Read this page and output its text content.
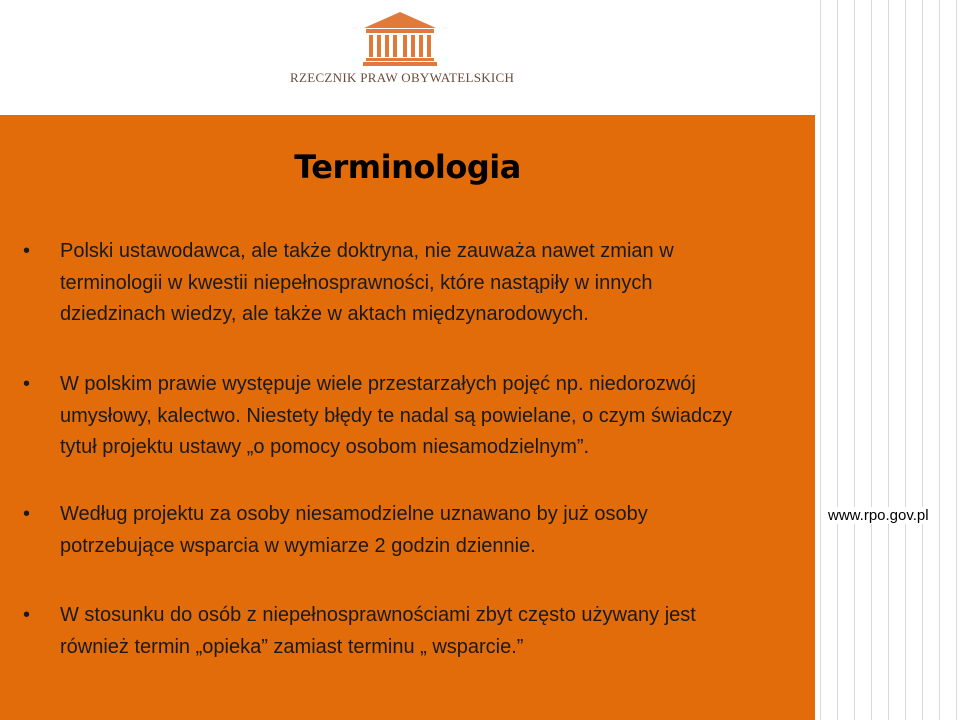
RZECZNIK PRAW OBYWATELSKICH
Terminologia
• Polski ustawodawca, ale także doktryna, nie zauważa nawet zmian w terminologii w kwestii niepełnosprawności, które nastąpiły w innych dziedzinach wiedzy, ale także w aktach międzynarodowych.
• W polskim prawie występuje wiele przestarzałych pojęć np. niedorozwój umysłowy, kalectwo. Niestety błędy te nadal są powielane, o czym świadczy tytuł projektu ustawy „o pomocy osobom niesamodzielnym”.
• Według projektu za osoby niesamodzielne uznawano by już osoby potrzebujące wsparcia w wymiarze 2 godzin dziennie.
• W stosunku do osób z niepełnosprawnościami zbyt często używany jest również termin „opieka” zamiast terminu „ wsparcie.”
www.rpo.gov.pl
